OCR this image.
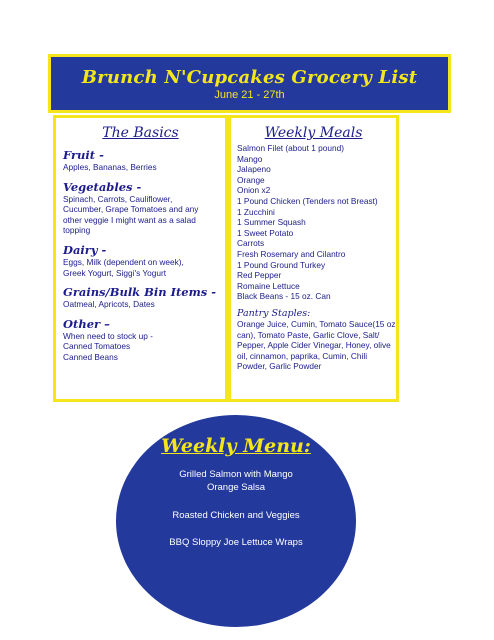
Brunch N'Cupcakes Grocery List
June 21 - 27th
The Basics
Fruit -
Apples, Bananas, Berries
Vegetables -
Spinach, Carrots, Cauliflower,
Cucumber, Grape Tomatoes and any
other veggie I might want as a salad
topping
Dairy -
Eggs, Milk (dependent on week),
Greek Yogurt, Siggi's Yogurt
Grains/Bulk Bin Items -
Oatmeal, Apricots, Dates
Other –
When need to stock up -
Canned Tomatoes
Canned Beans
Weekly Meals
Salmon Filet (about 1 pound)
Mango
Jalapeno
Orange
Onion x2
1 Pound Chicken (Tenders not Breast)
1 Zucchini
1 Summer Squash
1 Sweet Potato
Carrots
Fresh Rosemary and Cilantro
1 Pound Ground Turkey
Red Pepper
Romaine Lettuce
Black Beans - 15 oz. Can
Pantry Staples:
Orange Juice, Cumin, Tomato Sauce(15 oz
can), Tomato Paste, Garlic Clove, Salt/
Pepper, Apple Cider Vinegar, Honey, olive
oil, cinnamon, paprika, Cumin, Chili
Powder, Garlic Powder
Weekly Menu:
Grilled Salmon with Mango
Orange Salsa
Roasted Chicken and Veggies
BBQ Sloppy Joe Lettuce Wraps
